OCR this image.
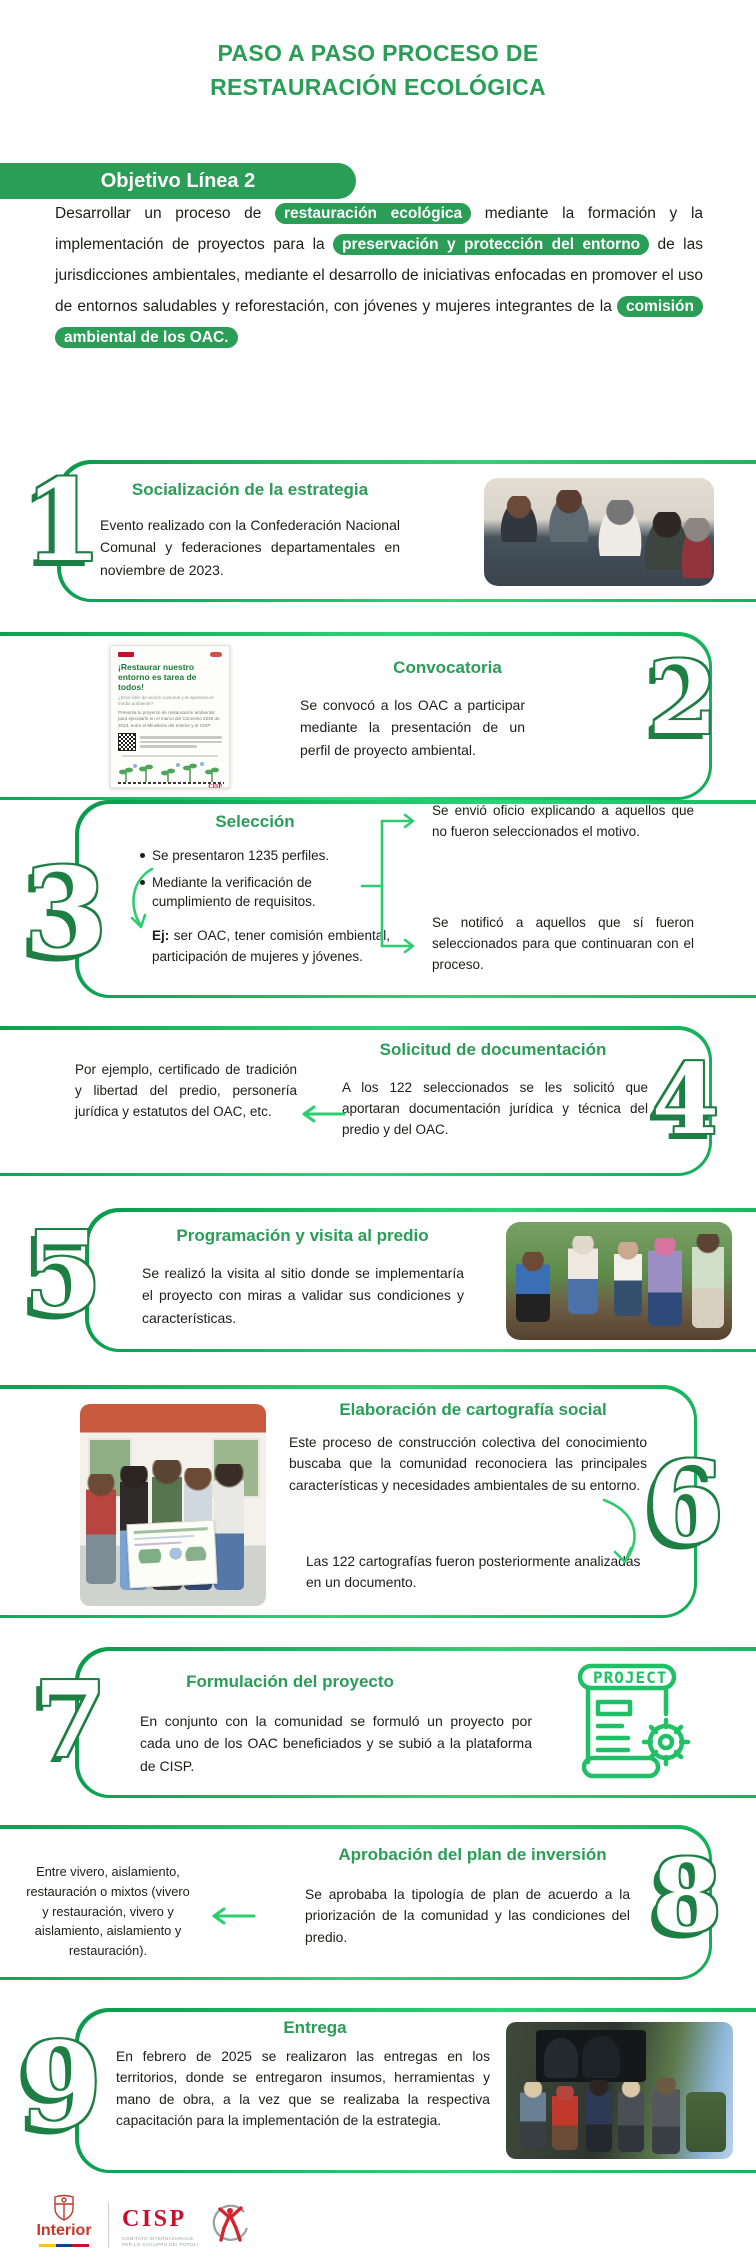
PASO A PASO PROCESO DE
RESTAURACIÓN ECOLÓGICA
Objetivo Línea 2

Desarrollar un proceso de restauración ecológica mediante la formación y la implementación de proyectos para la preservación y protección del entorno de las jurisdicciones ambientales, mediante el desarrollo de iniciativas enfocadas en promover el uso de entornos saludables y reforestación, con jóvenes y mujeres integrantes de la comisión ambiental de los OAC.

1	Socialización de la estrategia
Evento realizado con la Confederación Nacional Comunal y federaciones departamentales en noviembre de 2023.
2
Convocatoria
Se convocó a los OAC a participar mediante la presentación de un perfil de proyecto ambiental.
¡Restaurar nuestro entorno es tarea de todos!
¿Eres líder de acción comunal y te apasiona el medio ambiente?
Presenta tu proyecto de restauración ambiental para ejecutarlo en el marco del Convenio 2246 de 2023, entre el Ministerio del Interior y el CISP.
CISP
3
Selección
Se presentaron 1235 perfiles.
Mediante la verificación de cumplimiento de requisitos.
Ej: ser OAC, tener comisión embiental, participación de mujeres y jóvenes.
Se envió oficio explicando a aquellos que no fueron seleccionados el motivo.
Se notificó a aquellos que sí fueron seleccionados para que continuaran con el proceso.
4
Solicitud de documentación
A los 122 seleccionados se les solicitó que aportaran documentación jurídica y técnica del predio y del OAC.
Por ejemplo, certificado de tradición y libertad del predio, personería jurídica y estatutos del OAC, etc.
5	Programación y visita al predio
Se realizó la visita al sitio donde se implementaría el proyecto con miras a validar sus condiciones y características.
6
Elaboración de cartografía social
Este proceso de construcción colectiva del conocimiento buscaba que la comunidad reconociera las principales características y necesidades ambientales de su entorno.
Las 122 cartografías fueron posteriormente analizadas en un documento.
7	Formulación del proyecto
En conjunto con la comunidad se formuló un proyecto por cada uno de los OAC beneficiados y se subió a la plataforma de CISP.
PROJECT
8
Aprobación del plan de inversión
Se aprobaba la tipología de plan de acuerdo a la priorización de la comunidad y las condiciones del predio.
Entre vivero, aislamiento, restauración o mixtos (vivero y restauración, vivero y aislamiento, aislamiento y restauración).
9	Entrega
En febrero de 2025 se realizaron las entregas en los territorios, donde se entregaron insumos, herramientas y mano de obra, a la vez que se realizaba la respectiva capacitación para la implementación de la estrategia.
Interior CISP
COMITATO INTERNAZIONALE PER LO SVILUPPO DEI POPOLI
